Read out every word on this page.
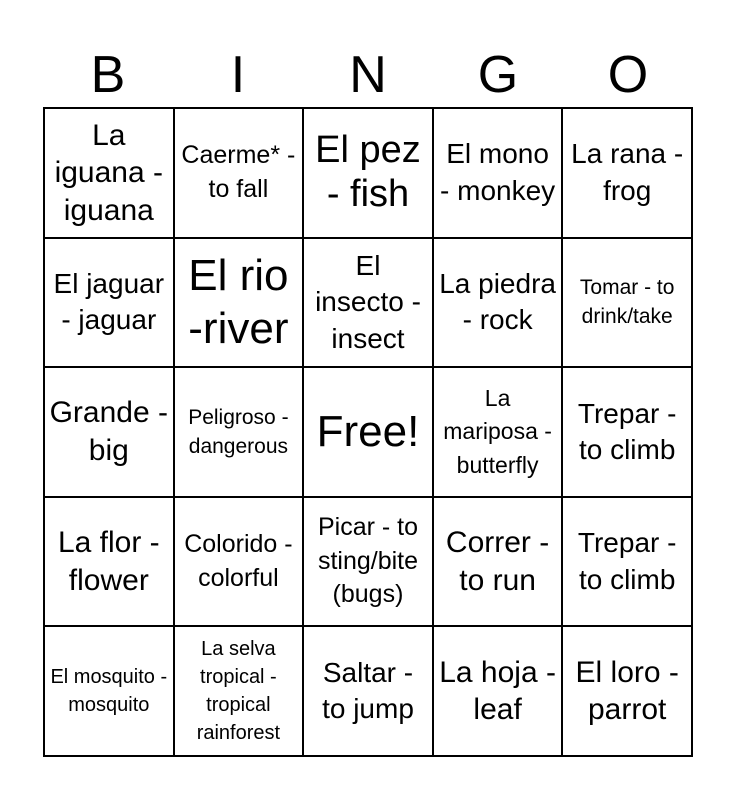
B	I	N	G	O
La iguana - iguana
Caerme* - to fall
El pez - fish
El mono - monkey
La rana - frog
El jaguar - jaguar
El rio -river
El insecto - insect
La piedra - rock
Tomar - to drink/take
Grande - big
Peligroso - dangerous Free!
La mariposa - butterfly
Trepar - to climb
La flor - flower
Colorido - colorful
Picar - to sting/bite (bugs)
Correr - to run
Trepar - to climb
El mosquito - mosquito
La selva tropical - tropical rainforest
Saltar - to jump
La hoja - leaf
El loro - parrot
